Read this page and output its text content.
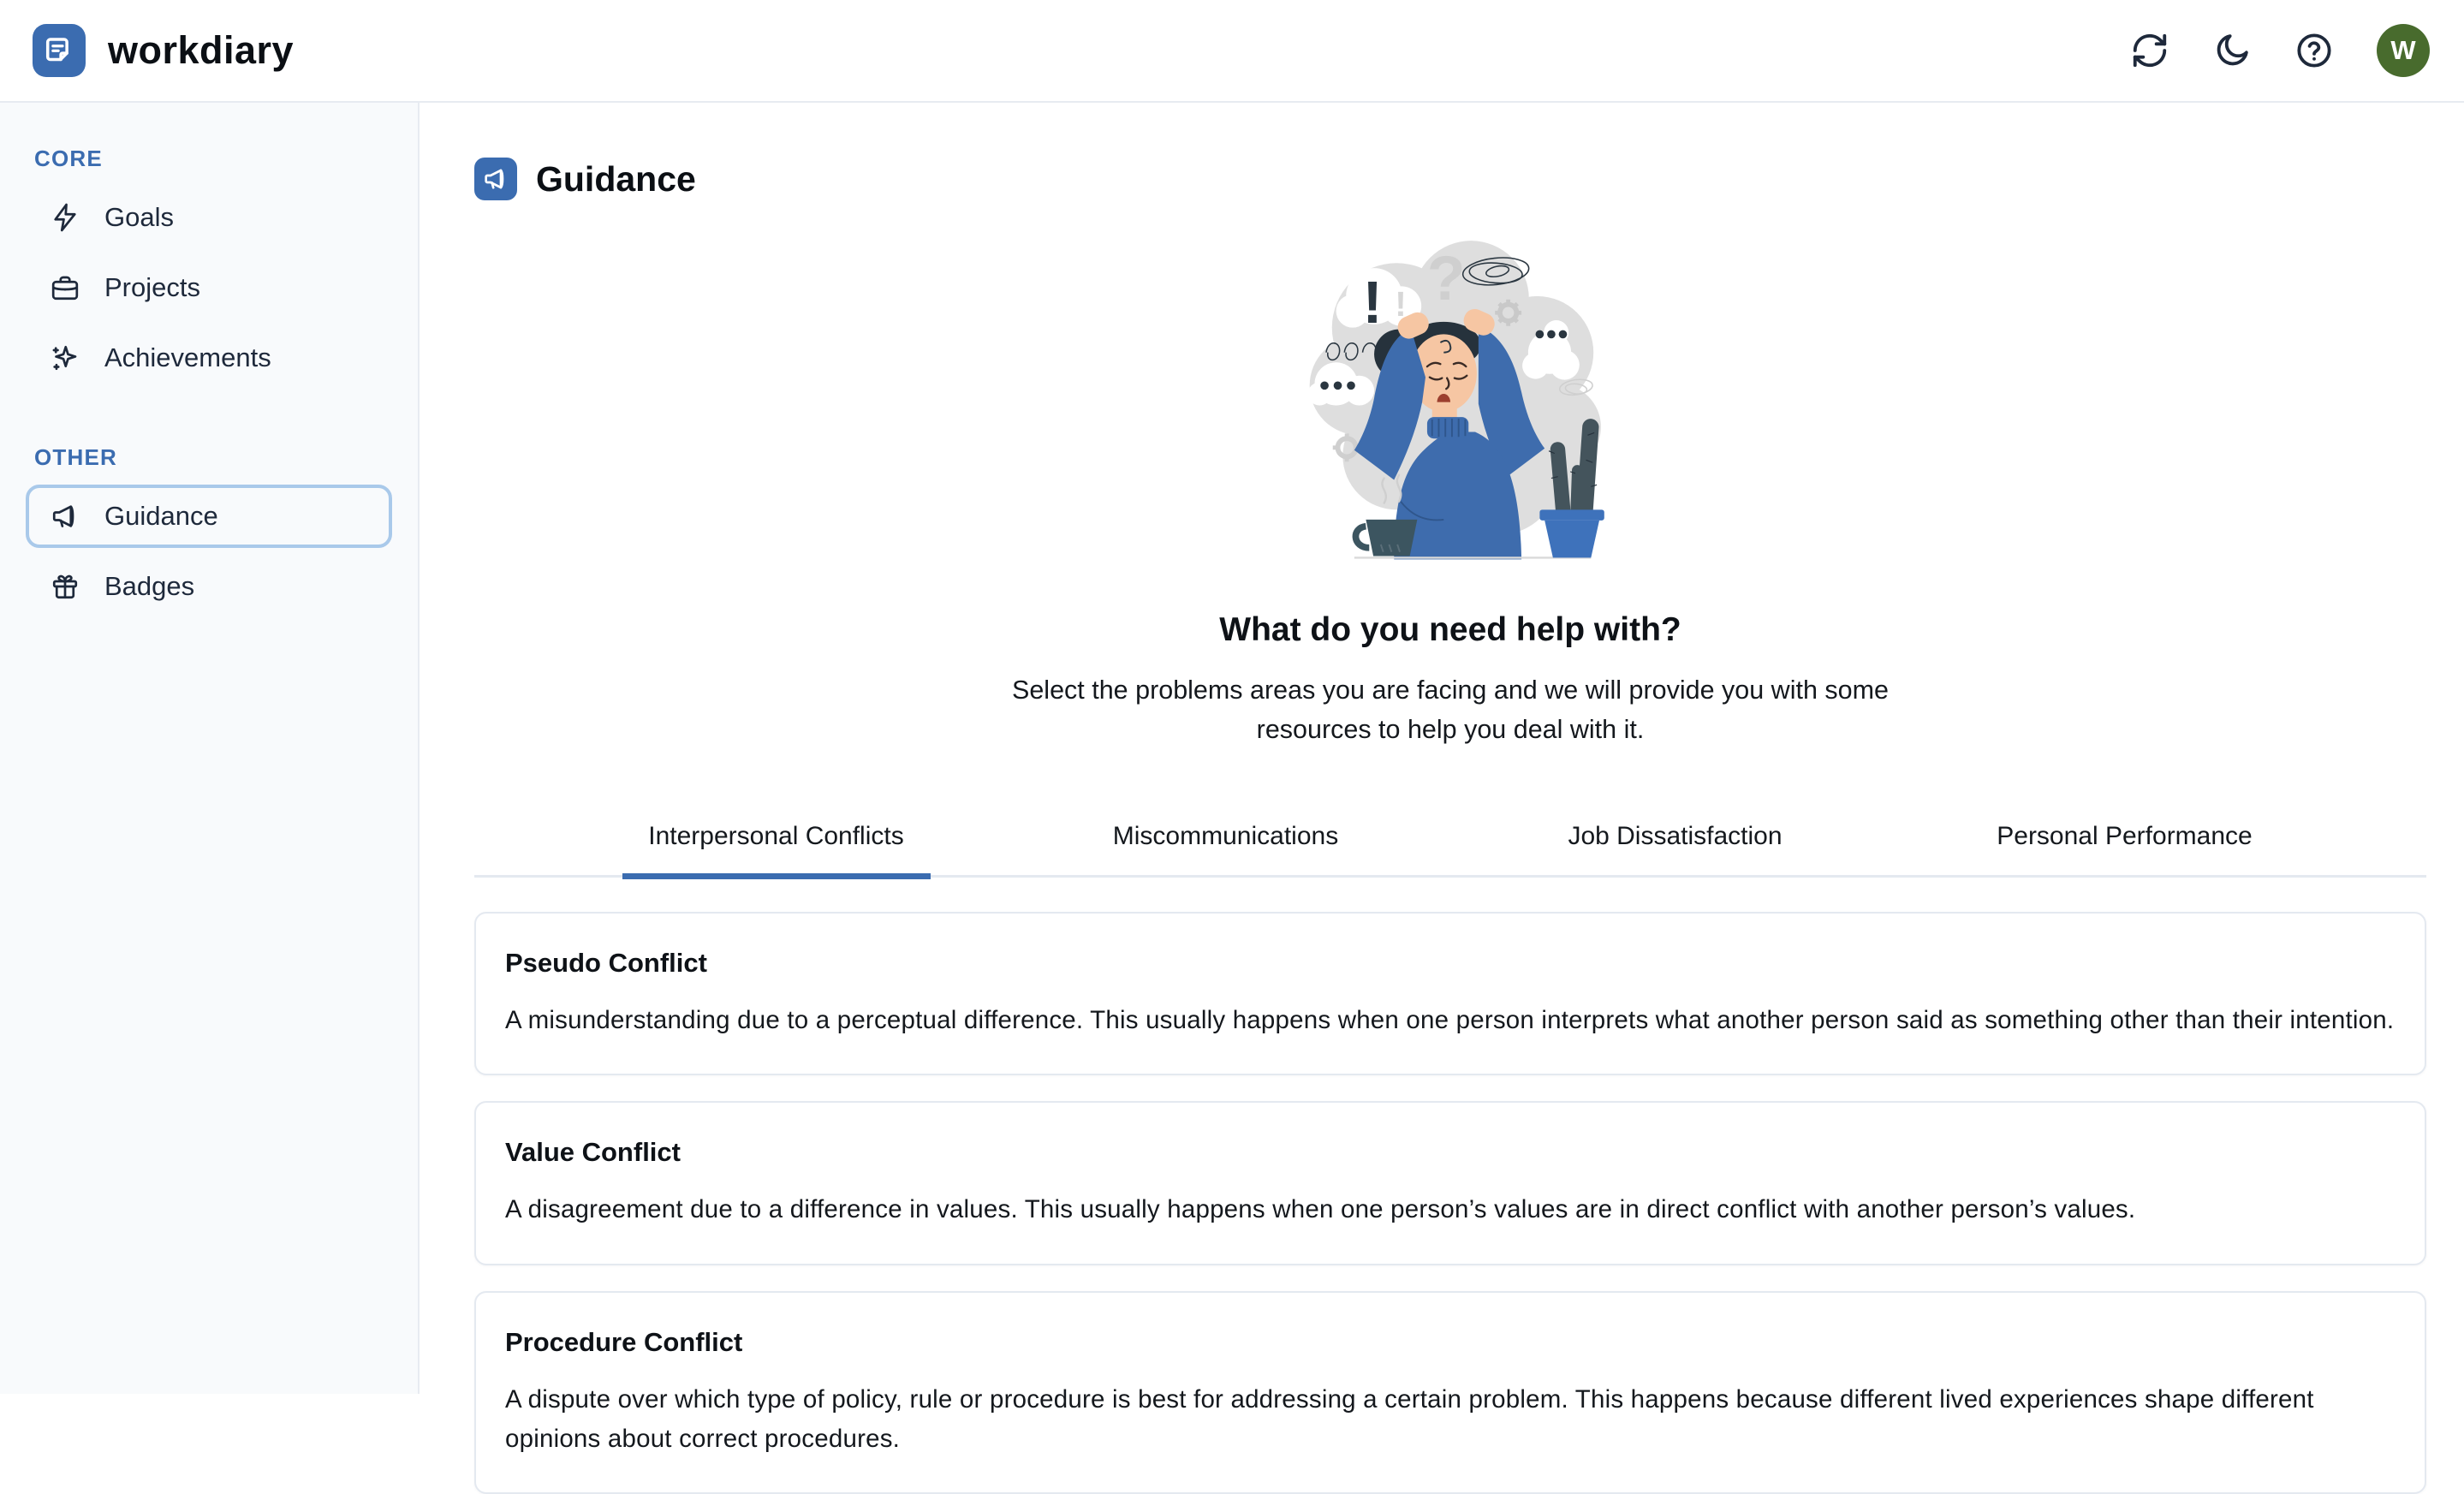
workdiary	W
CORE
Goals
Projects
Achievements
OTHER
Guidance
Badges
Guidance
! ! ?
What do you need help with?
Select the problems areas you are facing and we will provide you with some
resources to help you deal with it.
Interpersonal Conflicts	Miscommunications	Job Dissatisfaction	Personal Performance
Pseudo Conflict
A misunderstanding due to a perceptual difference. This usually happens when one person interprets what another person said as something other than their intention.
Value Conflict
A disagreement due to a difference in values. This usually happens when one person’s values are in direct conflict with another person’s values.
Procedure Conflict
A dispute over which type of policy, rule or procedure is best for addressing a certain problem. This happens because different lived experiences shape different opinions about correct procedures.
